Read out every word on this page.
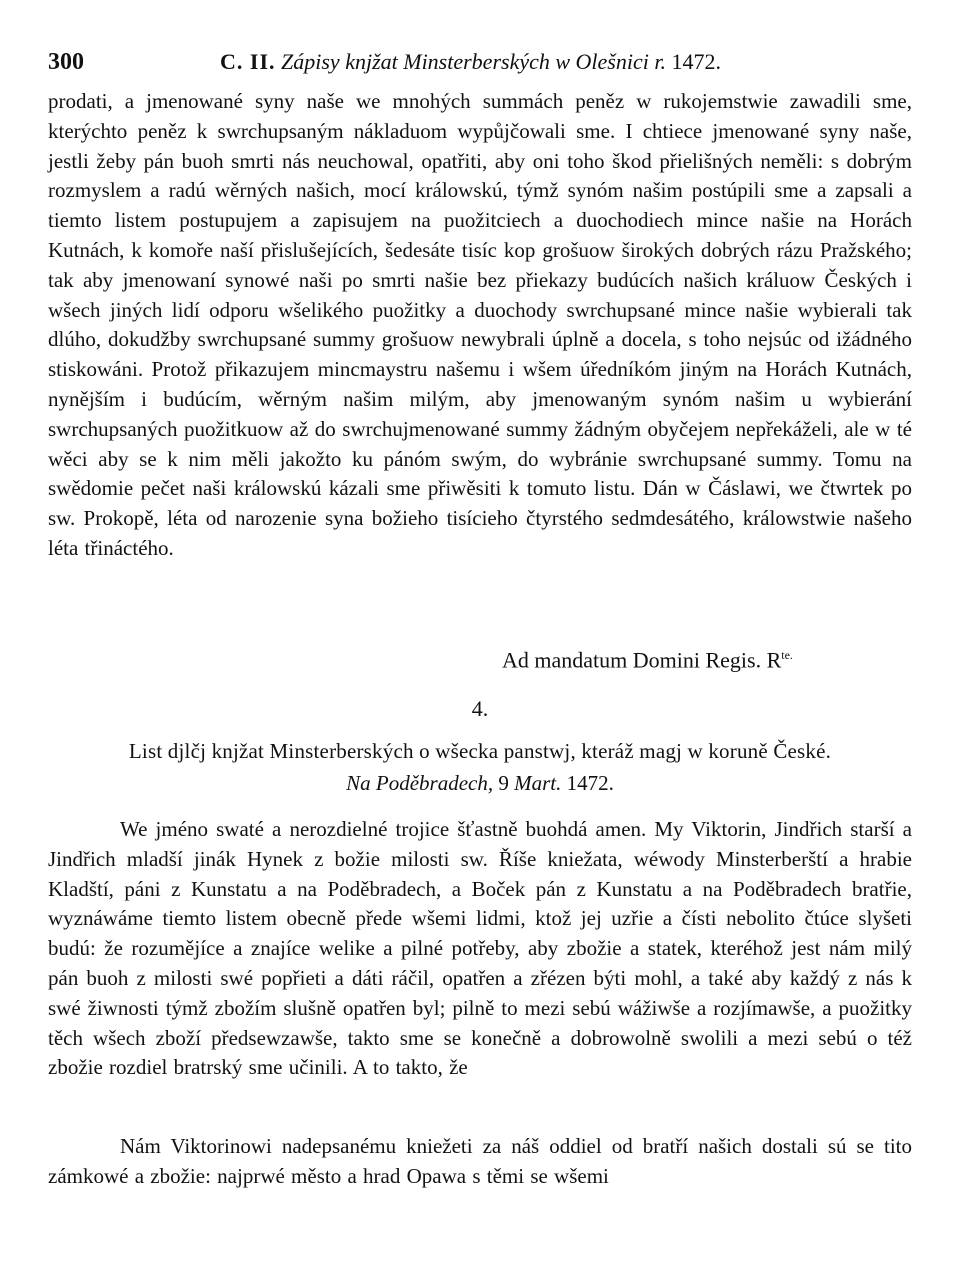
300	C. II. Zápisy knjžat Minsterberských w Olešnici r. 1472.

prodati, a jmenowané syny naše we mnohých summách peněz w rukojemstwie zawadili sme, kterýchto peněz k swrchupsaným nákladuom wypůjčowali sme. I chtiece jmenowané syny naše, jestli žeby pán buoh smrti nás neuchowal, opatřiti, aby oni toho škod přielišných neměli: s dobrým rozmyslem a radú wěrných našich, mocí králowskú, týmž synóm našim postúpili sme a zapsali a tiemto listem postupujem a zapisujem na puožitciech a duochodiech mince našie na Horách Kutnách, k komoře naší přislušejících, šedesáte tisíc kop grošuow širokých dobrých rázu Pražského; tak aby jmenowaní synowé naši po smrti našie bez přiekazy budúcích našich králuow Českých i wšech jiných lidí odporu wšelikého puožitky a duochody swrchupsané mince našie wybierali tak dlúho, dokudžby swrchupsané summy grošuow newybrali úplně a docela, s toho nejsúc od ižádného stiskowáni. Protož přikazujem mincmaystru našemu i wšem úředníkóm jiným na Horách Kutnách, nynějším i budúcím, wěrným našim milým, aby jmenowaným synóm našim u wybierání swrchupsaných puožitkuow až do swrchujmenowané summy žádným obyčejem nepřekáželi, ale w té wěci aby se k nim měli jakožto ku pánóm swým, do wybránie swrchupsané summy. Tomu na swědomie pečet naši králowskú kázali sme přiwěsiti k tomuto listu. Dán w Čáslawi, we čtwrtek po sw. Prokopě, léta od narozenie syna božieho tisícieho čtyrstého sedmdesátého, králowstwie našeho léta třináctého.

Ad mandatum Domini Regis. $R^{te.}$
4.
List djlčj knjžat Minsterberských o wšecka panstwj, kteráž magj w koruně České.
Na Poděbradech, 9 Mart. 1472.

We jméno swaté a nerozdielné trojice šťastně buohdá amen. My Viktorin, Jindřich starší a Jindřich mladší jinák Hynek z božie milosti sw. Říše kniežata, wéwody Minsterberští a hrabie Kladští, páni z Kunstatu a na Poděbradech, a Boček pán z Kunstatu a na Poděbradech bratřie, wyznáwáme tiemto listem obecně přede wšemi lidmi, ktož jej uzřie a čísti nebolito čtúce slyšeti budú: že rozumějíce a znajíce welike a pilné potřeby, aby zbožie a statek, kteréhož jest nám milý pán buoh z milosti swé popřieti a dáti ráčil, opatřen a zřézen býti mohl, a také aby každý z nás k swé žiwnosti týmž zbožím slušně opatřen byl; pilně to mezi sebú wážiwše a rozjímawše, a puožitky těch wšech zboží předsewzawše, takto sme se konečně a dobrowolně swolili a mezi sebú o též zbožie rozdiel bratrský sme učinili. A to takto, že

Nám Viktorinowi nadepsanému kniežeti za náš oddiel od bratří našich dostali sú se tito zámkowé a zbožie: najprwé město a hrad Opawa s těmi se wšemi
